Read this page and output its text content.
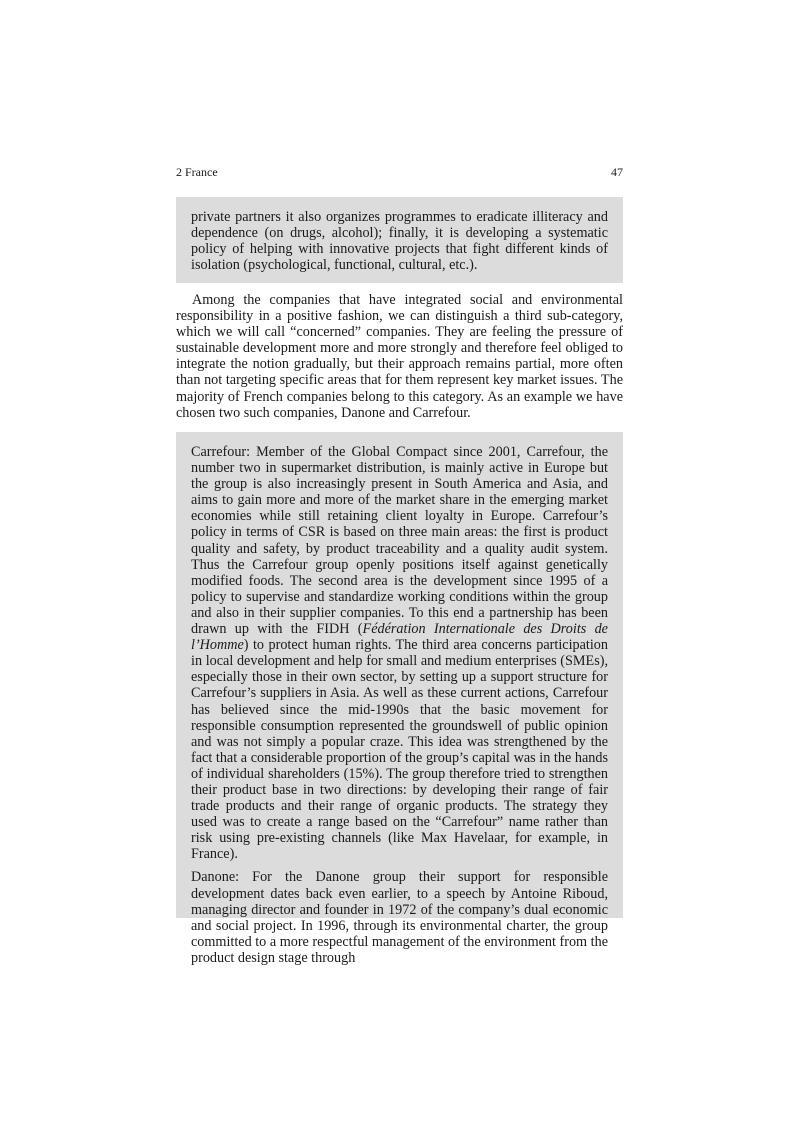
2 France	47

private partners it also organizes programmes to eradicate illiteracy and dependence (on drugs, alcohol); finally, it is developing a systematic policy of helping with innovative projects that fight different kinds of isolation (psychological, functional, cultural, etc.).

Among the companies that have integrated social and environmental responsibility in a positive fashion, we can distinguish a third sub-category, which we will call “concerned” companies. They are feeling the pressure of sustainable development more and more strongly and therefore feel obliged to integrate the notion gradually, but their approach remains partial, more often than not targeting specific areas that for them represent key market issues. The majority of French companies belong to this category. As an example we have chosen two such companies, Danone and Carrefour.

Carrefour: Member of the Global Compact since 2001, Carrefour, the number two in supermarket distribution, is mainly active in Europe but the group is also increasingly present in South America and Asia, and aims to gain more and more of the market share in the emerging market economies while still retaining client loyalty in Europe. Carrefour’s policy in terms of CSR is based on three main areas: the first is product quality and safety, by product traceability and a quality audit system. Thus the Carrefour group openly positions itself against genetically modified foods. The second area is the development since 1995 of a policy to supervise and standardize working conditions within the group and also in their supplier companies. To this end a partnership has been drawn up with the FIDH (Fédération Internationale des Droits de l’Homme) to protect human rights. The third area concerns participation in local development and help for small and medium enterprises (SMEs), especially those in their own sector, by setting up a support structure for Carrefour’s suppliers in Asia. As well as these current actions, Carrefour has believed since the mid-1990s that the basic movement for responsible consumption represented the groundswell of public opinion and was not simply a popular craze. This idea was strengthened by the fact that a considerable proportion of the group’s capital was in the hands of individual shareholders (15%). The group therefore tried to strengthen their product base in two directions: by developing their range of fair trade products and their range of organic products. The strategy they used was to create a range based on the “Carrefour” name rather than risk using pre-existing channels (like Max Havelaar, for example, in France).

Danone: For the Danone group their support for responsible development dates back even earlier, to a speech by Antoine Riboud, managing director and founder in 1972 of the company’s dual economic and social project. In 1996, through its environmental charter, the group committed to a more respectful management of the environment from the product design stage through
